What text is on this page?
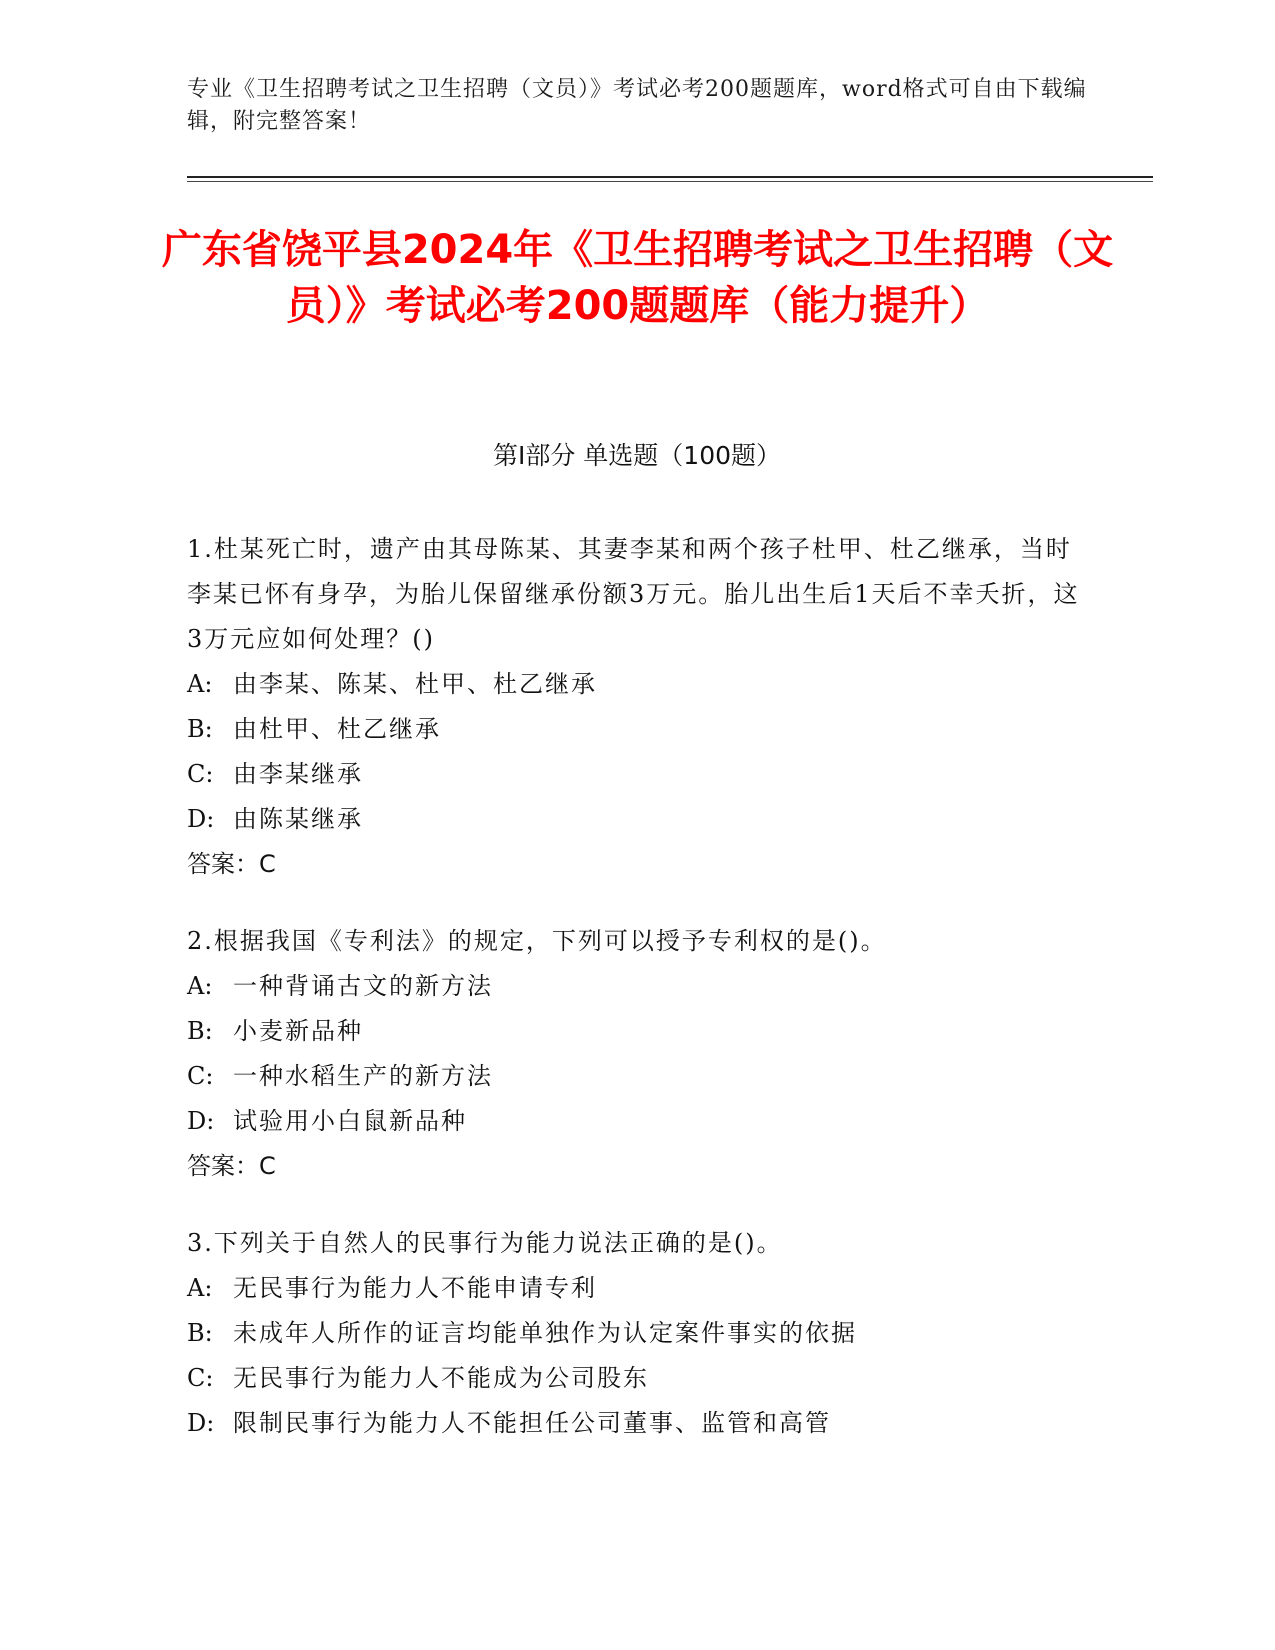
专业《卫生招聘考试之卫生招聘（文员）》考试必考200题题库，word格式可自由下载编辑，附完整答案！
广东省饶平县2024年《卫生招聘考试之卫生招聘（文员）》考试必考200题题库（能力提升）
第Ⅰ部分 单选题（100题）
1.杜某死亡时，遗产由其母陈某、其妻李某和两个孩子杜甲、杜乙继承，当时李某已怀有身孕，为胎儿保留继承份额3万元。胎儿出生后1天后不幸夭折，这3万元应如何处理？()
A: 由李某、陈某、杜甲、杜乙继承
B: 由杜甲、杜乙继承
C: 由李某继承
D: 由陈某继承
答案：C
2.根据我国《专利法》的规定，下列可以授予专利权的是()。
A: 一种背诵古文的新方法
B: 小麦新品种
C: 一种水稻生产的新方法
D: 试验用小白鼠新品种
答案：C
3.下列关于自然人的民事行为能力说法正确的是()。
A: 无民事行为能力人不能申请专利
B: 未成年人所作的证言均能单独作为认定案件事实的依据
C: 无民事行为能力人不能成为公司股东
D: 限制民事行为能力人不能担任公司董事、监管和高管
